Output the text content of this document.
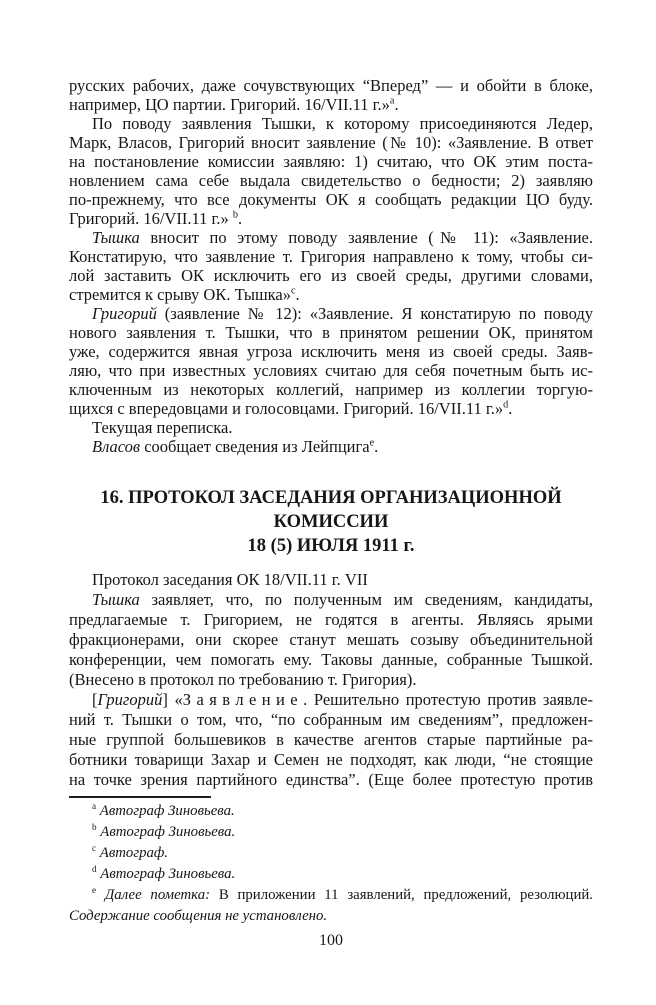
русских рабочих, даже сочувствующих “Вперед” — и обойти в блоке,
например, ЦО партии. Григорий. 16/VII.11 г.»$^a$.
По поводу заявления Тышки, к которому присоединяются Ледер,
Марк, Власов, Григорий вносит заявление (№ 10): «Заявление. В ответ
на постановление комиссии заявляю: 1) считаю, что ОК этим поста-
новлением сама себе выдала свидетельство о бедности; 2) заявляю
по-прежнему, что все документы ОК я сообщать редакции ЦО буду.
Григорий. 16/VII.11 г.» $^b$.
Тышка вносит по этому поводу заявление (№ 11): «Заявление.
Констатирую, что заявление т. Григория направлено к тому, чтобы си-
лой заставить ОК исключить его из своей среды, другими словами,
стремится к срыву ОК. Тышка»$^c$.
Григорий (заявление № 12): «Заявление. Я констатирую по поводу
нового заявления т. Тышки, что в принятом решении ОК, принятом
уже, содержится явная угроза исключить меня из своей среды. Заяв-
ляю, что при известных условиях считаю для себя почетным быть ис-
ключенным из некоторых коллегий, например из коллегии торгую-
щихся с впередовцами и голосовцами. Григорий. 16/VII.11 г.»$^d$.
Текущая переписка.
Власов сообщает сведения из Лейпцига$^e$.
16. ПРОТОКОЛ ЗАСЕДАНИЯ ОРГАНИЗАЦИОННОЙ
КОМИССИИ
18 (5) ИЮЛЯ 1911 г.
Протокол заседания ОК 18/VII.11 г. VII
Тышка заявляет, что, по полученным им сведениям, кандидаты,
предлагаемые т. Григорием, не годятся в агенты. Являясь ярыми
фракционерами, они скорее станут мешать созыву объединительной
конференции, чем помогать ему. Таковы данные, собранные Тышкой.
(Внесено в протокол по требованию т. Григория).
[Григорий] «Заявление. Решительно протестую против заявле-
ний т. Тышки о том, что, “по собранным им сведениям”, предложен-
ные группой большевиков в качестве агентов старые партийные ра-
ботники товарищи Захар и Семен не подходят, как люди, “не стоящие
на точке зрения партийного единства”. (Еще более протестую против
$^a$ Автограф Зиновьева.
$^b$ Автограф Зиновьева.
$^c$ Автограф.
$^d$ Автограф Зиновьева.
$^e$ Далее пометка: В приложении 11 заявлений, предложений, резолюций.
Содержание сообщения не установлено.
100
